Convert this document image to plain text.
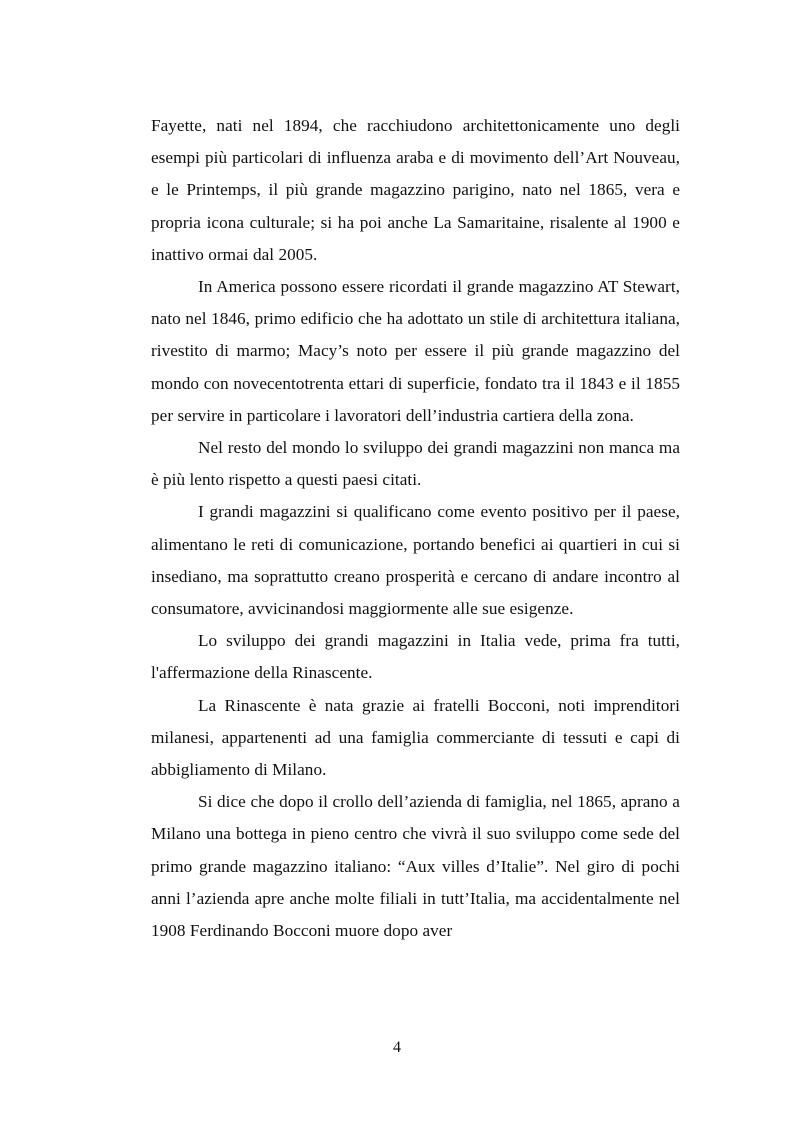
Fayette, nati nel 1894, che racchiudono architettonicamente uno degli esempi più particolari di influenza araba e di movimento dell’Art Nouveau, e le Printemps, il più grande magazzino parigino, nato nel 1865, vera e propria icona culturale; si ha poi anche La Samaritaine, risalente al 1900 e inattivo ormai dal 2005.

In America possono essere ricordati il grande magazzino AT Stewart, nato nel 1846, primo edificio che ha adottato un stile di architettura italiana, rivestito di marmo; Macy’s noto per essere il più grande magazzino del mondo con novecentotrenta ettari di superficie, fondato tra il 1843 e il 1855 per servire in particolare i lavoratori dell’industria cartiera della zona.

Nel resto del mondo lo sviluppo dei grandi magazzini non manca ma è più lento rispetto a questi paesi citati.

I grandi magazzini si qualificano come evento positivo per il paese, alimentano le reti di comunicazione, portando benefici ai quartieri in cui si insediano, ma soprattutto creano prosperità e cercano di andare incontro al consumatore, avvicinandosi maggiormente alle sue esigenze.

Lo sviluppo dei grandi magazzini in Italia vede, prima fra tutti, l'affermazione della Rinascente.

La Rinascente è nata grazie ai fratelli Bocconi, noti imprenditori milanesi, appartenenti ad una famiglia commerciante di tessuti e capi di abbigliamento di Milano.

Si dice che dopo il crollo dell’azienda di famiglia, nel 1865, aprano a Milano una bottega in pieno centro che vivrà il suo sviluppo come sede del primo grande magazzino italiano: “Aux villes d’Italie”. Nel giro di pochi anni l’azienda apre anche molte filiali in tutt’Italia, ma accidentalmente nel 1908 Ferdinando Bocconi muore dopo aver

4
